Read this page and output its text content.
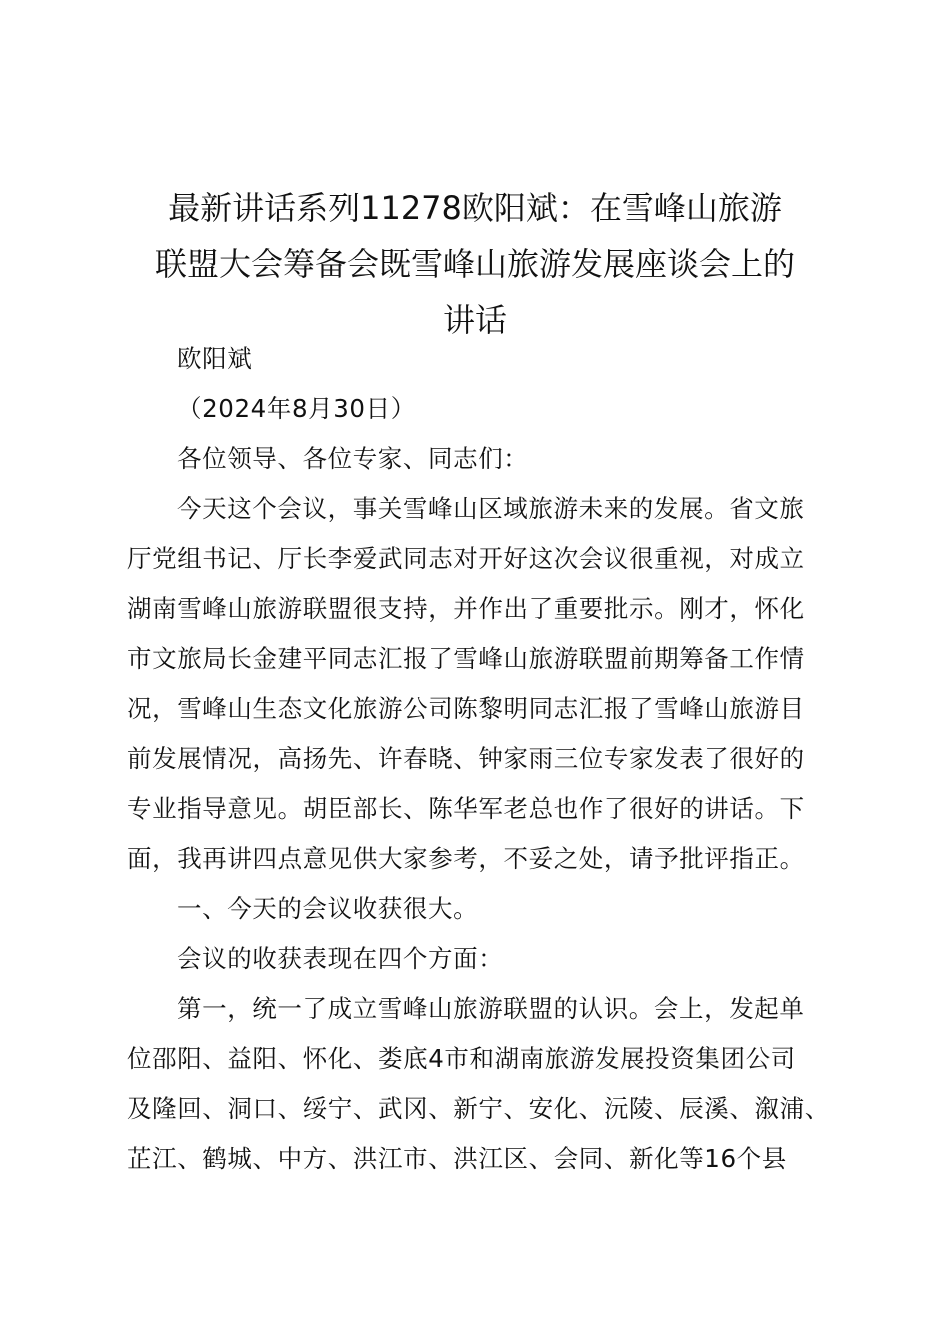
最新讲话系列11278欧阳斌：在雪峰山旅游
联盟大会筹备会既雪峰山旅游发展座谈会上的
讲话
欧阳斌
（2024年8月30日）
各位领导、各位专家、同志们：
今天这个会议，事关雪峰山区域旅游未来的发展。省文旅
厅党组书记、厅长李爱武同志对开好这次会议很重视，对成立
湖南雪峰山旅游联盟很支持，并作出了重要批示。刚才，怀化
市文旅局长金建平同志汇报了雪峰山旅游联盟前期筹备工作情
况，雪峰山生态文化旅游公司陈黎明同志汇报了雪峰山旅游目
前发展情况，高扬先、许春晓、钟家雨三位专家发表了很好的
专业指导意见。胡臣部长、陈华军老总也作了很好的讲话。下
面，我再讲四点意见供大家参考，不妥之处，请予批评指正。
一、今天的会议收获很大。
会议的收获表现在四个方面：
第一，统一了成立雪峰山旅游联盟的认识。会上，发起单
位邵阳、益阳、怀化、娄底4市和湖南旅游发展投资集团公司
及隆回、洞口、绥宁、武冈、新宁、安化、沅陵、辰溪、溆浦、
芷江、鹤城、中方、洪江市、洪江区、会同、新化等16个县
